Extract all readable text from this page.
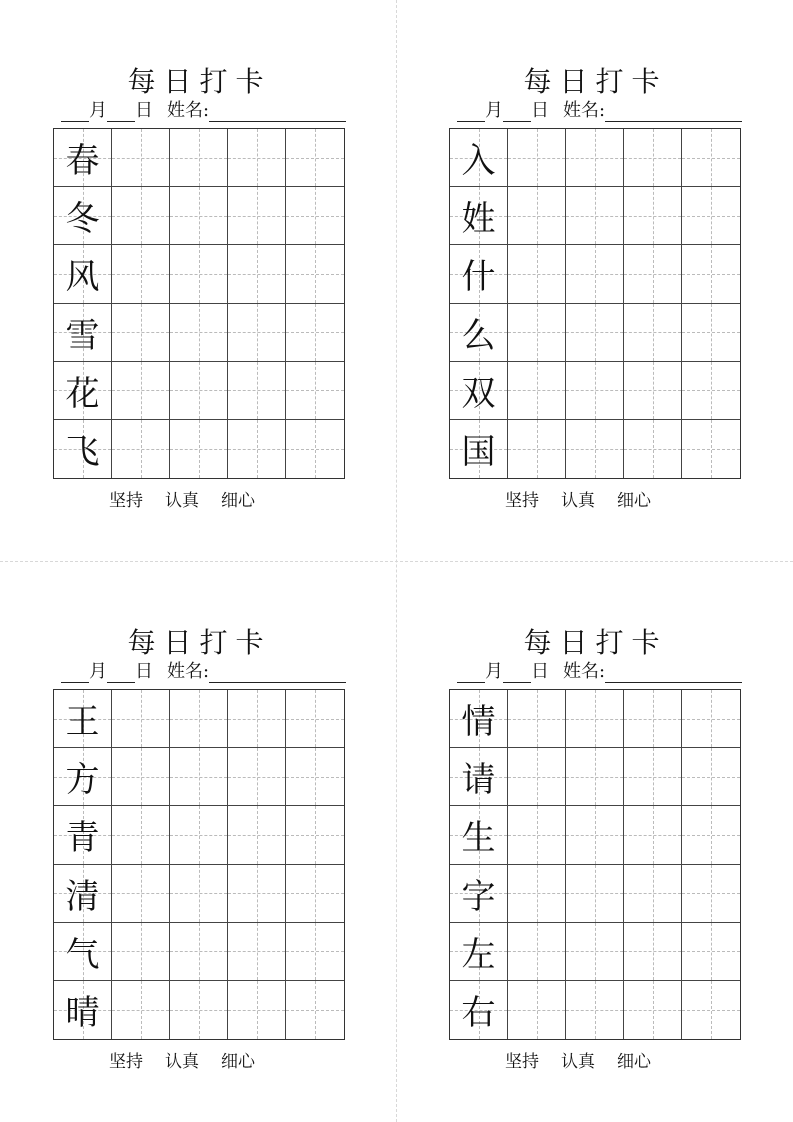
每日打卡
月 日 姓名:
春
冬
风
雪
花
飞
坚持 认真 细心
每日打卡
月 日 姓名:
入
姓
什
么
双
国
坚持 认真 细心
每日打卡
月 日 姓名:
王
方
青
清
气
晴
坚持 认真 细心
每日打卡
月 日 姓名:
情
请
生
字
左
右
坚持 认真 细心
